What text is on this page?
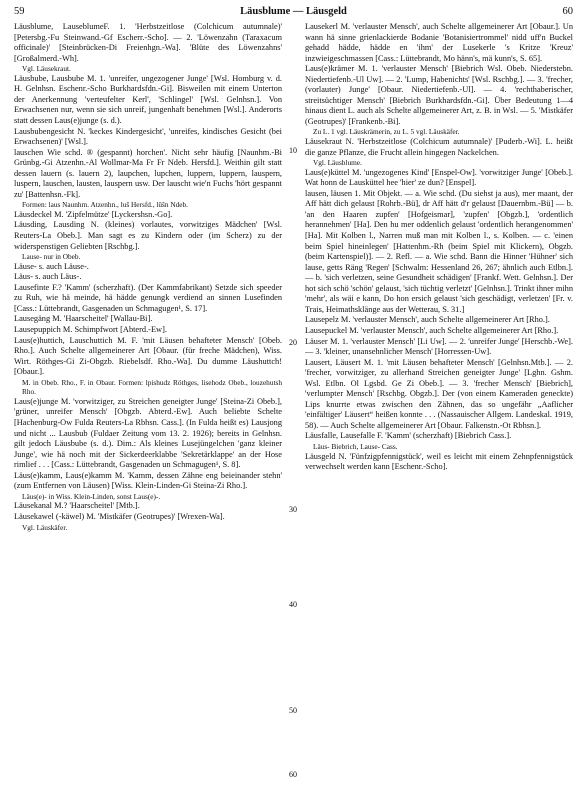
59	Läusblume — Läusgeld	60

Läusblume, LauseblumeF. 1. 'Herbstzeitlose (Colchicum autumnale)' [Petersbg.-Fu Steinwand.-Gf Escherr.-Scho]. — 2. 'Löwenzahn (Taraxacum officinale)' [Steinbrücken-Di Freienhgn.-Wa]. 'Blüte des Löwenzahns' [Großalmerd.-Wh].

Vgl. Läusekraut.

Läusbube, Lausbube M. 1. 'unreifer, ungezogener Junge' [Wsl. Homburg v. d. H. Gelnhsn. Eschenr.-Scho Burkhardsfdn.-Gi]. Bisweilen mit einem Unterton der Anerkennung 'verteufelter Kerl', 'Schlingel' [Wsl. Gelnhsn.]. Von Erwachsenen nur, wenn sie sich unreif, jungenhaft benehmen [Wsl.]. Anderorts statt dessen Laus(e)junge (s. d.).

Lausbubengesicht N. 'keckes Kindergesicht', 'unreifes, kindisches Gesicht (bei Erwachsenen)' [Wsl.].

lauschen Wie schd. ® (gespannt) horchen'. Nicht sehr häufig [Naunhm.-Bi Grünbg.-Gi Atzenhn.-Al Wollmar-Ma Fr Fr Ndeb. Hersfd.]. Weithin gilt statt dessen lauern (s. lauern 2), laupchen, lupchen, luppern, luppern, lauspern, luspern, lauschen, lausten, lauspern usw. Der lauscht wie'n Fuchs 'hört gespannt zu' [Battenhsn.-Fk].

Formen: laus Naunhm. Atzenhn., luš Hersfd., lûšn Ndeb.

Läusdeckel M. 'Zipfelmütze' [Lyckershsn.-Go].

Läusding, Lausding N. (kleines) vorlautes, vorwitziges Mädchen' [Wsl. Reuters-La Obeb.]. Man sagt es zu Kindern oder (im Scherz) zu der widerspenstigen Geliebten [Rschbg.].

Lause- nur in Obeb.

Läuse- s. auch Läuse-.

Läus- s. auch Läus-.

Lausefinte F.? 'Kamm' (scherzhaft). (Der Kammfabrikant) Setzde sich speeder zu Ruh, wie hä meinde, hä hädde genungk verdiend an sinnen Lusefinden [Cass.: Lüttebrandt, Gasgenaden un Schmagugen¹, S. 17].

Lausegäng M. 'Haarscheitel' [Wallau-Bi].

Lausepuppich M. Schimpfwort [Abterd.-Ew].

Laus(e)huttich, Lauschuttich M. F. 'mit Läusen behafteter Mensch' [Obeb. Rho.]. Auch Schelte allgemeinerer Art [Obaur. (für freche Mädchen), Wiss. Wirt. Röthges-Gi Zi-Obgzb. Riebelsdf. Rho.-Wa]. Du dumme Läushuttch! [Obaur.].

M. in Obeb. Rho., F. in Obaur. Formen: lpishudz Röthges, lisehodz Obeb., louzehutsh Rho.

Laus(e)junge M. 'vorwitziger, zu Streichen geneigter Junge' [Steina-Zi Obeb.], 'grüner, unreifer Mensch' [Obgzb. Abterd.-Ew]. Auch beliebte Schelte [Hachenburg-Ow Fulda Reuters-La Rbhsn. Cass.]. (In Fulda heißt es) Lausjong und nicht ... Lausbub (Fuldaer Zeitung vom 13. 2. 1926); bereits in Gelnhsn. gilt jedoch Läusbube (s. d.). Dim.: Als kleines Lusejüngelchen 'ganz kleiner Junge', wie hä noch mit der Sickerdeerklabbe 'Sekretärklappe' an der Hose rimlief . . . [Cass.: Lüttebrandt, Gasgenaden un Schmagugen¹, S. 8].

Läus(e)kamm, Laus(e)kamm M. 'Kamm, dessen Zähne eng beieinander stehn' (zum Entfernen von Läusen) [Wiss. Klein-Linden-Gi Steina-Zi Rho.].

Läus(e)- in Wiss. Klein-Linden, sonst Laus(e)-.

Läusekanal M.? 'Haarscheitel' [Mtb.].

Läusekawel (-käwel) M. 'Mistkäfer (Geotrupes)' [Wrexen-Wa].

Vgl. Läuskäfer.

10
20
30
40
50
60

Lausekerl M. 'verlauster Mensch', auch Schelte allgemeinerer Art [Obaur.]. Un wann hä sinne grienlackierde Bodanie 'Botanisiertrommel' nidd uff'n Buckel gehadd hädde, hädde en 'ihm' der Lusekerle 's Kritze 'Kreuz' inzwieigeschmassen [Cass.: Lüttebrandt, Mo hänn's, mä kunn's, S. 65].

Laus(e)krämer M. 1. 'verlauster Mensch' [Biebrich Wsl. Obeb. Niederstebn. Niedertiefenb.-Ul Uw]. — 2. 'Lump, Habenichts' [Wsl. Rschbg.]. — 3. 'frecher, (vorlauter) Junge' [Obaur. Niedertiefenb.-Ul]. — 4. 'rechthaberischer, streitsüchtiger Mensch' [Biebrich Burkhardsfdn.-Gi]. Über Bedeutung 1—4 hinaus dient L. auch als Schelte allgemeinerer Art, z. B. in Wsl. — 5. 'Mistkäfer (Geotrupes)' [Frankenb.-Bi].

Zu L. 1 vgl. Läuskrämerin, zu L. 5 vgl. Läuskäfer.

Läusekraut N. 'Herbstzeitlose (Colchicum autumnale)' [Puderb.-Wi]. L. heißt die ganze Pflanze, die Frucht allein hingegen Nackelchen.

Vgl. Läusblume.

Laus(e)küttel M. 'ungezogenes Kind' [Enspel-Ow]. 'vorwitziger Junge' [Obeb.]. Wat honn de Lausküttel hee 'hier' ze dun? [Enspel].

lausen, läusen 1. Mit Objekt. — a. Wie schd. (Du siehst ja aus), mer maant, der Aff hätt dich gelaust [Rohrb.-Bü], dr Aff hätt d'r gelaust [Dauernbm.-Bü] — b. 'an den Haaren zupfen' [Hofgeismar], 'zupfen' [Obgzb.], 'ordentlich herannehmen' [Ha]. Den hu mer oddenlich gelaust 'ordentlich herangenommen' [Ha]. Mit Kolben l., Narren muß man mit Kolben l., s. Kolben. — c. 'einen beim Spiel hineinlegen' [Hattenhm.-Rh (beim Spiel mit Klickern), Obgzb. (beim Kartenspiel)]. — 2. Refl. — a. Wie schd. Bann die Hinner 'Hühner' sich lause, getts Räng 'Regen' [Schwalm: Hessenland 26, 267; ähnlich auch Etlbn.]. — b. 'sich verletzen, seine Gesundheit schädigen' [Frankf. Wett. Gelnhsn.]. Der hot sich schö 'schön' gelaust, 'sich tüchtig verletzt' [Gelnhsn.]. Trinkt ihner mihn 'mehr', als wäi e kann, Do hon ersich gelaust 'sich geschädigt, verletzen' [Fr. v. Trais, Heimathsklänge aus der Wetterau, S. 31.]

Lausepelz M. 'verlauster Mensch', auch Schelte allgemeinerer Art [Rho.].

Lausepuckel M. 'verlauster Mensch', auch Schelte allgemeinerer Art [Rho.].

Läuser M. 1. 'verlauster Mensch' [Li Uw]. — 2. 'unreifer Junge' [Herschb.-We]. — 3. 'kleiner, unansehnlicher Mensch' [Horressen-Uw].

Lausert, Läusert M. 1. 'mit Läusen behafteter Mensch' [Gelnhsn.Mtb.]. — 2. 'frecher, vorwitziger, zu allerhand Streichen geneigter Junge' [Lghn. Gshm. Wsl. Etlbn. Ol Lgsbd. Ge Zi Obeb.]. — 3. 'frecher Mensch' [Biebrich], 'verlumpter Mensch' [Rschbg. Obgzb.]. Der (von einem Kameraden geneckte) Lips knurrte etwas zwischen den Zähnen, das so ungefähr „Aaflicher 'einfältiger' Läusert“ heißen konnte . . . (Nassauischer Allgem. Landeskal. 1919, 58). — Auch Schelte allgemeinerer Art [Obaur. Falkenstn.-Ot Rbhsn.].

Läusfalle, Lausefalle F. 'Kamm' (scherzhaft) [Biebrich Cass.].

Läus- Biebrich, Lause- Cass.

Läusgeld N. 'Fünfzigpfennigstück', weil es leicht mit einem Zehnpfennigstück verwechselt werden kann [Eschenr.-Scho].
